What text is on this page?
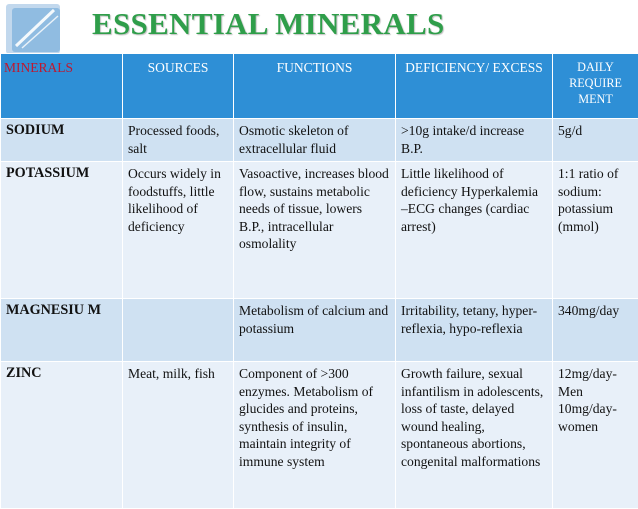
ESSENTIAL MINERALS
MINERALS	SOURCES	FUNCTIONS	DEFICIENCY/ EXCESS	DAILY REQUIRE MENT
SODIUM	Processed foods, salt	Osmotic skeleton of extracellular fluid	>10g intake/d increase B.P.	5g/d
POTASSIUM	Occurs widely in foodstuffs, little likelihood of deficiency	Vasoactive, increases blood flow, sustains metabolic needs of tissue, lowers B.P., intracellular osmolality	Little likelihood of deficiency Hyperkalemia –ECG changes (cardiac arrest)	1:1 ratio of sodium: potassium (mmol)
MAGNESIU M		Metabolism of calcium and potassium	Irritability, tetany, hyper-reflexia, hypo-reflexia	340mg/day
ZINC	Meat, milk, fish	Component of >300 enzymes. Metabolism of glucides and proteins, synthesis of insulin, maintain integrity of immune system	Growth failure, sexual infantilism in adolescents, loss of taste, delayed wound healing, spontaneous abortions, congenital malformations	12mg/day-Men 10mg/day-women
